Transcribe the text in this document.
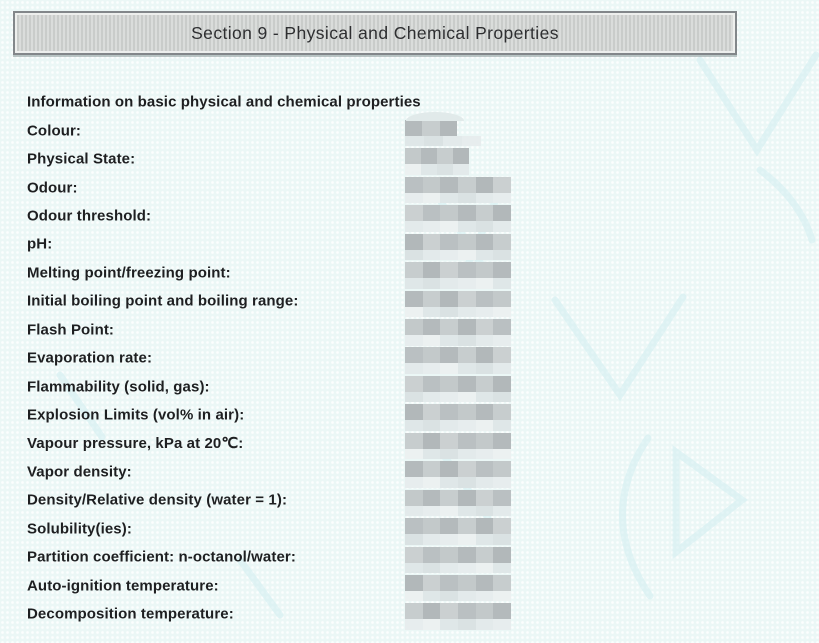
Section 9 - Physical and Chemical Properties
Information on basic physical and chemical properties
Colour:
Physical State:
Odour:
Odour threshold:
pH:
Melting point/freezing point:
Initial boiling point and boiling range:
Flash Point:
Evaporation rate:
Flammability (solid, gas):
Explosion Limits (vol% in air):
Vapour pressure, kPa at 20℃:
Vapor density:
Density/Relative density (water = 1):
Solubility(ies):
Partition coefficient: n-octanol/water:
Auto-ignition temperature:
Decomposition temperature:
